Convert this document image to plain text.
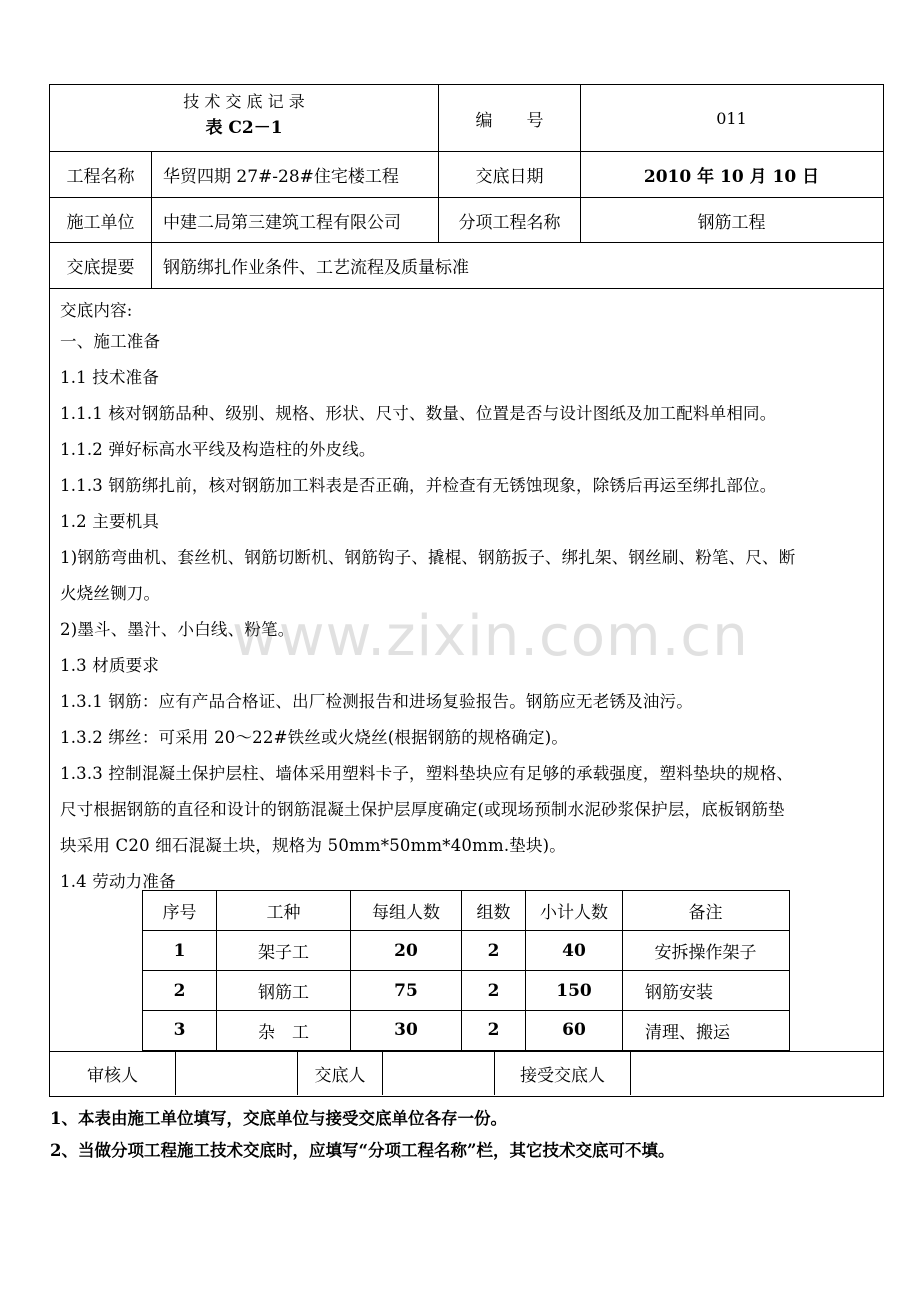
技 术 交 底 记 录
表 C2－1	编　　号	011
工程名称	华贸四期 27#-28#住宅楼工程	交底日期	2010 年 10 月 10 日
施工单位	中建二局第三建筑工程有限公司	分项工程名称	钢筋工程
交底提要	钢筋绑扎作业条件、工艺流程及质量标准
交底内容:
一、施工准备
1.1 技术准备
1.1.1 核对钢筋品种、级别、规格、形状、尺寸、数量、位置是否与设计图纸及加工配料单相同。
1.1.2 弹好标高水平线及构造柱的外皮线。
1.1.3 钢筋绑扎前，核对钢筋加工料表是否正确，并检查有无锈蚀现象，除锈后再运至绑扎部位。
1.2 主要机具
1)钢筋弯曲机、套丝机、钢筋切断机、钢筋钩子、撬棍、钢筋扳子、绑扎架、钢丝刷、粉笔、尺、断
火烧丝铡刀。
2)墨斗、墨汁、小白线、粉笔。
1.3 材质要求
1.3.1 钢筋：应有产品合格证、出厂检测报告和进场复验报告。钢筋应无老锈及油污。
1.3.2 绑丝：可采用 20～22#铁丝或火烧丝(根据钢筋的规格确定)。
1.3.3 控制混凝土保护层柱、墙体采用塑料卡子，塑料垫块应有足够的承载强度，塑料垫块的规格、
尺寸根据钢筋的直径和设计的钢筋混凝土保护层厚度确定(或现场预制水泥砂浆保护层，底板钢筋垫
块采用 C20 细石混凝土块，规格为 50mm*50mm*40mm.垫块)。
1.4 劳动力准备
www.zixin.com.cn
序号	工种	每组人数	组数	小计人数	备注
1	架子工	20	2	40	安拆操作架子
2	钢筋工	75	2	150	钢筋安装
3	杂　工	30	2	60	清理、搬运
审核人	交底人	接受交底人
1、本表由施工单位填写，交底单位与接受交底单位各存一份。
2、当做分项工程施工技术交底时，应填写“分项工程名称”栏，其它技术交底可不填。
